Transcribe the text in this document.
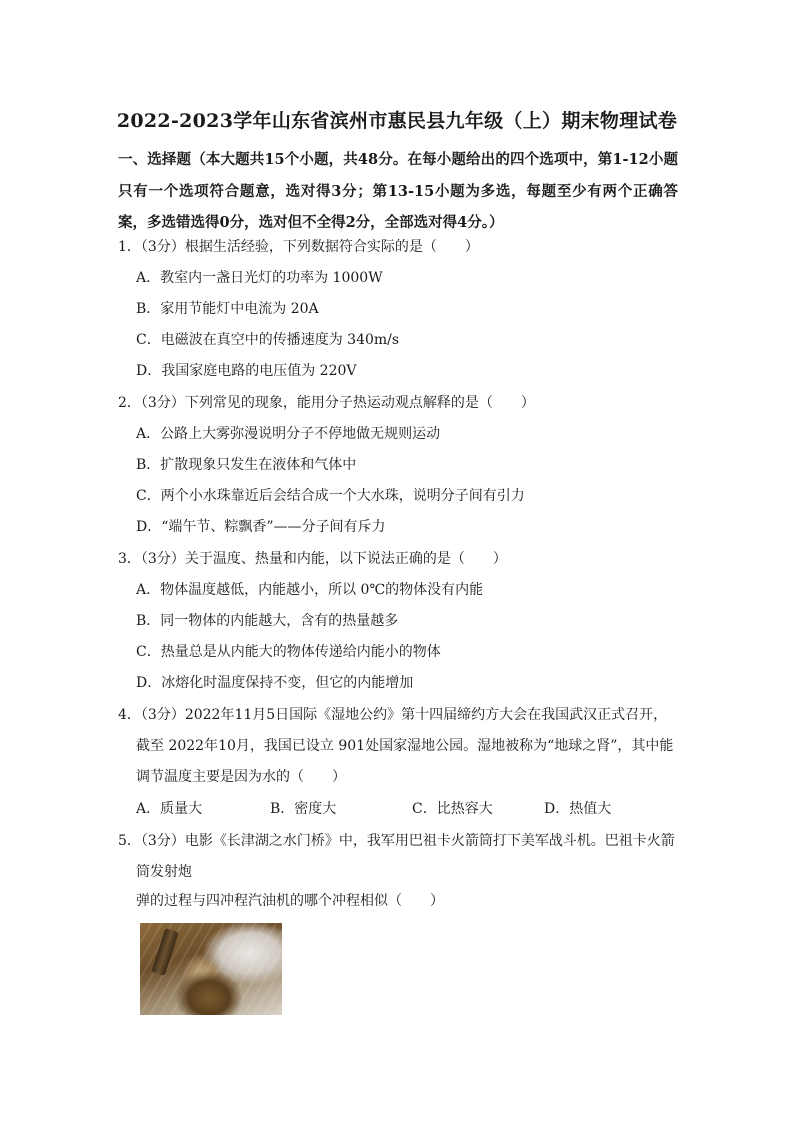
2022-2023学年山东省滨州市惠民县九年级（上）期末物理试卷
一、选择题（本大题共15个小题，共48分。在每小题给出的四个选项中，第1-12小题只有一个选项符合题意，选对得3分；第13-15小题为多选，每题至少有两个正确答案，多选错选得0分，选对但不全得2分，全部选对得4分。）
1．（3分）根据生活经验，下列数据符合实际的是（　　）
A．教室内一盏日光灯的功率为 1000W
B．家用节能灯中电流为 20A
C．电磁波在真空中的传播速度为 340m/s
D．我国家庭电路的电压值为 220V
2．（3分）下列常见的现象，能用分子热运动观点解释的是（　　）
A．公路上大雾弥漫说明分子不停地做无规则运动
B．扩散现象只发生在液体和气体中
C．两个小水珠靠近后会结合成一个大水珠，说明分子间有引力
D．“端午节、粽飘香”——分子间有斥力
3．（3分）关于温度、热量和内能，以下说法正确的是（　　）
A．物体温度越低，内能越小，所以 0℃的物体没有内能
B．同一物体的内能越大，含有的热量越多
C．热量总是从内能大的物体传递给内能小的物体
D．冰熔化时温度保持不变，但它的内能增加
4．（3分）2022年11月5日国际《湿地公约》第十四届缔约方大会在我国武汉正式召开，
截至 2022年10月，我国已设立 901处国家湿地公园。湿地被称为“地球之肾”，其中能
调节温度主要是因为水的（　　）
A．质量大	B．密度大	C．比热容大	D．热值大
5．（3分）电影《长津湖之水门桥》中，我军用巴祖卡火箭筒打下美军战斗机。巴祖卡火箭
筒发射炮
弹的过程与四冲程汽油机的哪个冲程相似（　　）
